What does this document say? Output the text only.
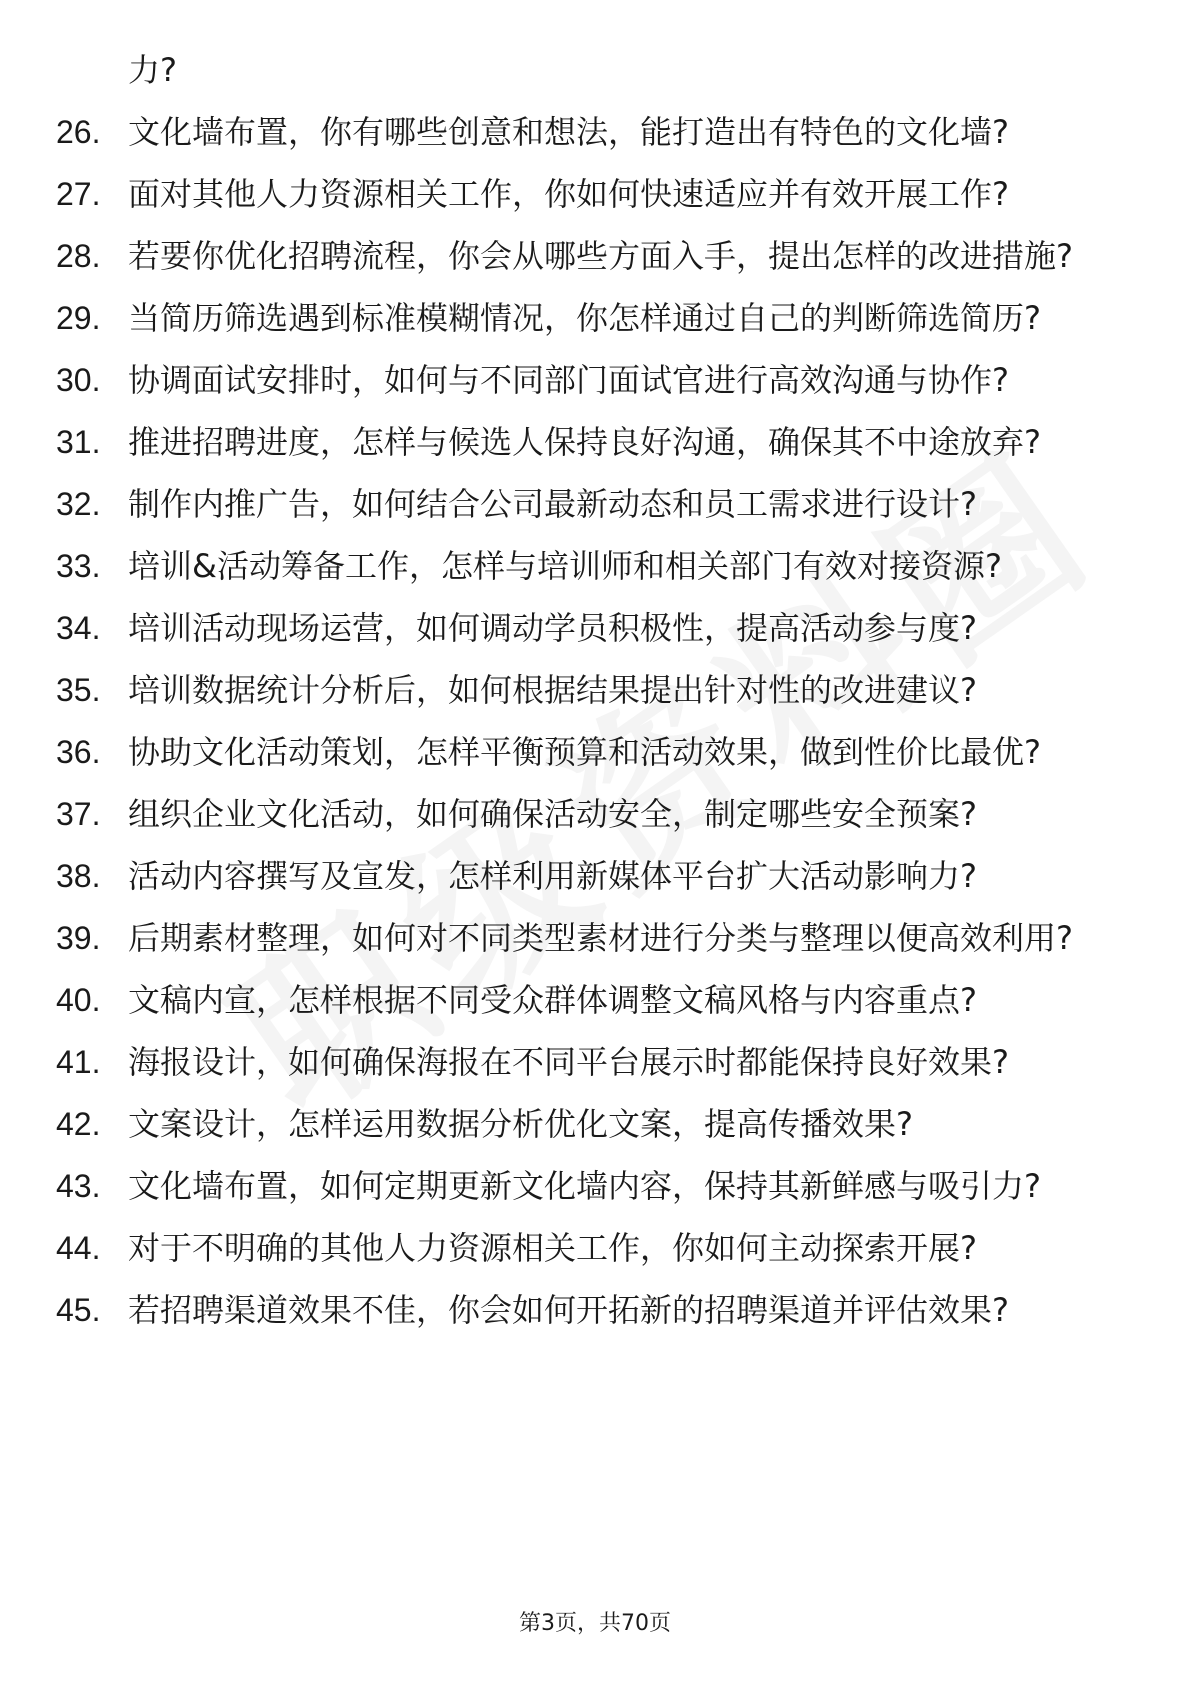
力?
26. 文化墙布置，你有哪些创意和想法，能打造出有特色的文化墙?
27. 面对其他人力资源相关工作，你如何快速适应并有效开展工作?
28. 若要你优化招聘流程，你会从哪些方面入手，提出怎样的改进措施?
29. 当简历筛选遇到标准模糊情况，你怎样通过自己的判断筛选简历?
30. 协调面试安排时，如何与不同部门面试官进行高效沟通与协作?
31. 推进招聘进度，怎样与候选人保持良好沟通，确保其不中途放弃?
32. 制作内推广告，如何结合公司最新动态和员工需求进行设计?
33. 培训&活动筹备工作，怎样与培训师和相关部门有效对接资源?
34. 培训活动现场运营，如何调动学员积极性，提高活动参与度?
35. 培训数据统计分析后，如何根据结果提出针对性的改进建议?
36. 协助文化活动策划，怎样平衡预算和活动效果，做到性价比最优?
37. 组织企业文化活动，如何确保活动安全，制定哪些安全预案?
38. 活动内容撰写及宣发，怎样利用新媒体平台扩大活动影响力?
39. 后期素材整理，如何对不同类型素材进行分类与整理以便高效利用?
40. 文稿内宣，怎样根据不同受众群体调整文稿风格与内容重点?
41. 海报设计，如何确保海报在不同平台展示时都能保持良好效果?
42. 文案设计，怎样运用数据分析优化文案，提高传播效果?
43. 文化墙布置，如何定期更新文化墙内容，保持其新鲜感与吸引力?
44. 对于不明确的其他人力资源相关工作，你如何主动探索开展?
45. 若招聘渠道效果不佳，你会如何开拓新的招聘渠道并评估效果?
第3页，共70页
